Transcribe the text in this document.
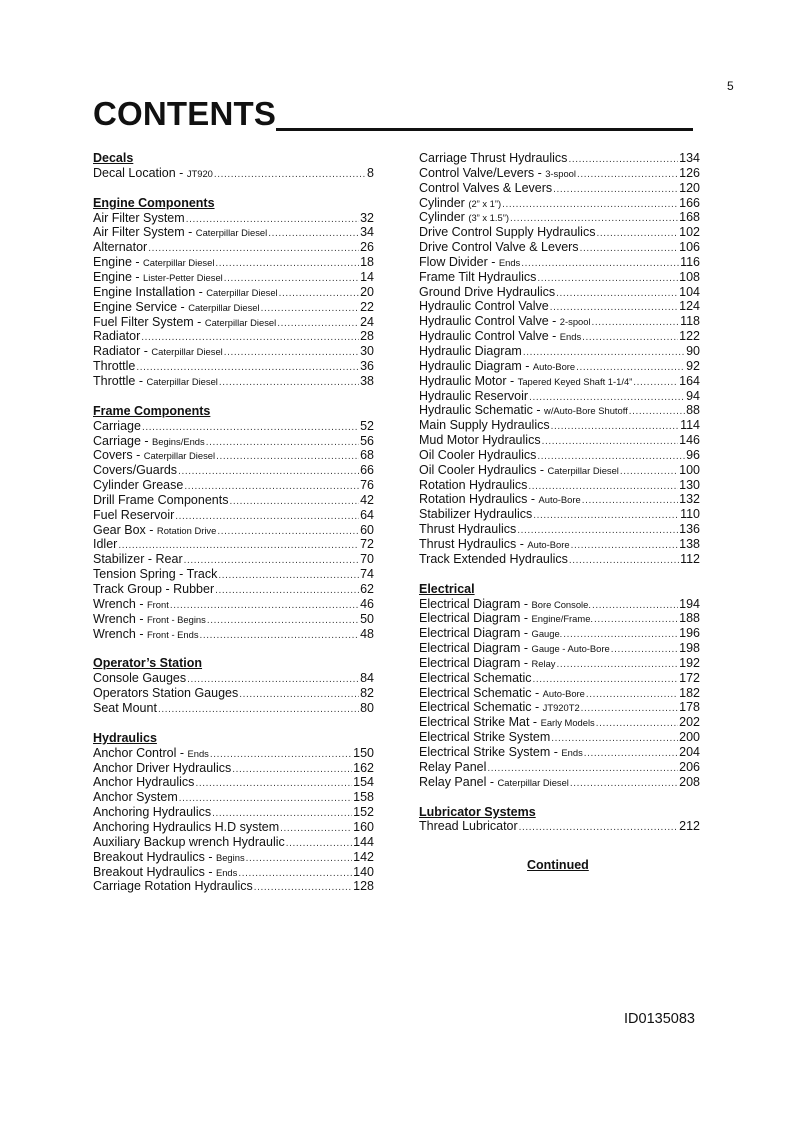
5
CONTENTS
Decals
Decal Location - JT920 .....	8
Engine Components
Air Filter System .....	32
Air Filter System - Caterpillar Diesel .....	34
Alternator .....	26
Engine - Caterpillar Diesel .....	18
Engine - Lister-Petter Diesel .....	14
Engine Installation - Caterpillar Diesel .....	20
Engine Service - Caterpillar Diesel .....	22
Fuel Filter System - Caterpillar Diesel .....	24
Radiator .....	28
Radiator - Caterpillar Diesel .....	30
Throttle .....	36
Throttle - Caterpillar Diesel .....	38
Frame Components
Carriage .....	52
Carriage - Begins/Ends .....	56
Covers - Caterpillar Diesel .....	68
Covers/Guards .....	66
Cylinder Grease .....	76
Drill Frame Components .....	42
Fuel Reservoir .....	64
Gear Box - Rotation Drive .....	60
Idler .....	72
Stabilizer - Rear .....	70
Tension Spring - Track .....	74
Track Group - Rubber .....	62
Wrench - Front .....	46
Wrench - Front - Begins .....	50
Wrench - Front - Ends .....	48
Operator’s Station
Console Gauges .....	84
Operators Station Gauges .....	82
Seat Mount .....	80
Hydraulics
Anchor Control - Ends .....	150
Anchor Driver Hydraulics .....	162
Anchor Hydraulics .....	154
Anchor System .....	158
Anchoring Hydraulics .....	152
Anchoring Hydraulics H.D system .....	160
Auxiliary Backup wrench Hydraulic .....	144
Breakout Hydraulics - Begins .....	142
Breakout Hydraulics - Ends .....	140
Carriage Rotation Hydraulics .....	128
Carriage Thrust Hydraulics .....	134
Control Valve/Levers - 3-spool .....	126
Control Valves & Levers .....	120
Cylinder (2” x 1”) .....	166
Cylinder (3” x 1.5”) .....	168
Drive Control Supply Hydraulics .....	102
Drive Control Valve & Levers .....	106
Flow Divider - Ends .....	116
Frame Tilt Hydraulics .....	108
Ground Drive Hydraulics .....	104
Hydraulic Control Valve .....	124
Hydraulic Control Valve - 2-spool .....	118
Hydraulic Control Valve - Ends .....	122
Hydraulic Diagram .....	90
Hydraulic Diagram - Auto-Bore .....	92
Hydraulic Motor - Tapered Keyed Shaft 1-1/4” .....	164
Hydraulic Reservoir .....	94
Hydraulic Schematic - w/Auto-Bore Shutoff .....	88
Main Supply Hydraulics .....	114
Mud Motor Hydraulics .....	146
Oil Cooler Hydraulics .....	96
Oil Cooler Hydraulics - Caterpillar Diesel .....	100
Rotation Hydraulics .....	130
Rotation Hydraulics - Auto-Bore .....	132
Stabilizer Hydraulics .....	110
Thrust Hydraulics .....	136
Thrust Hydraulics - Auto-Bore .....	138
Track Extended Hydraulics .....	112
Electrical
Electrical Diagram - Bore Console. .....	194
Electrical Diagram - Engine/Frame. .....	188
Electrical Diagram - Gauge. .....	196
Electrical Diagram - Gauge - Auto-Bore .....	198
Electrical Diagram - Relay .....	192
Electrical Schematic .....	172
Electrical Schematic - Auto-Bore .....	182
Electrical Schematic - JT920T2 .....	178
Electrical Strike Mat - Early Models .....	202
Electrical Strike System .....	200
Electrical Strike System - Ends .....	204
Relay Panel .....	206
Relay Panel - Caterpillar Diesel .....	208
Lubricator Systems
Thread Lubricator .....	212
Continued
ID0135083
